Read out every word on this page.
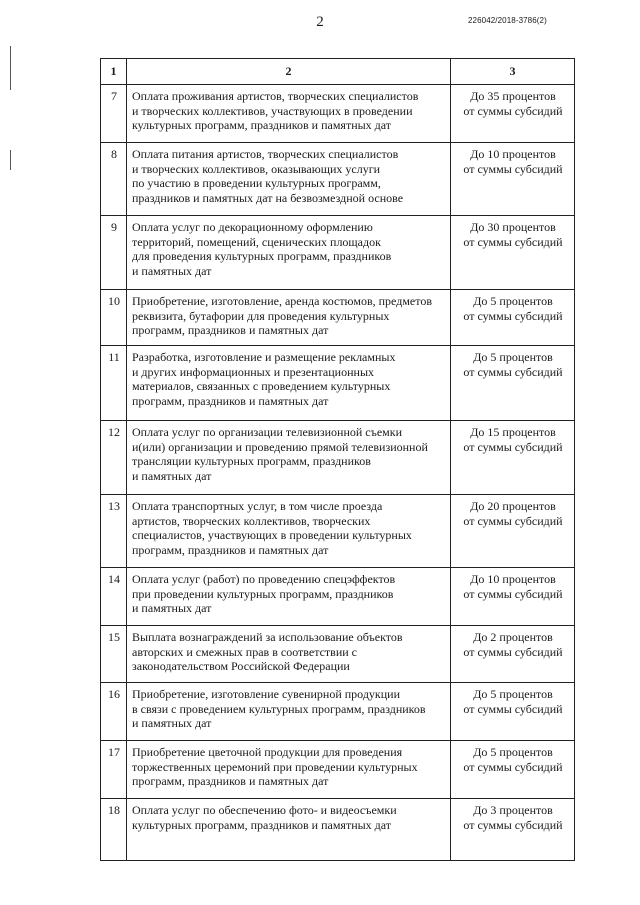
2	226042/2018-3786(2)
1	2	3
7	Оплата проживания артистов, творческих специалистов
и творческих коллективов, участвующих в проведении
культурных программ, праздников и памятных дат	До 35 процентов
от суммы субсидий
8	Оплата питания артистов, творческих специалистов
и творческих коллективов, оказывающих услуги
по участию в проведении культурных программ,
праздников и памятных дат на безвозмездной основе	До 10 процентов
от суммы субсидий
9	Оплата услуг по декорационному оформлению
территорий, помещений, сценических площадок
для проведения культурных программ, праздников
и памятных дат	До 30 процентов
от суммы субсидий
10	Приобретение, изготовление, аренда костюмов, предметов
реквизита, бутафории для проведения культурных
программ, праздников и памятных дат	До 5 процентов
от суммы субсидий
11	Разработка, изготовление и размещение рекламных
и других информационных и презентационных
материалов, связанных с проведением культурных
программ, праздников и памятных дат	До 5 процентов
от суммы субсидий
12	Оплата услуг по организации телевизионной съемки
и(или) организации и проведению прямой телевизионной
трансляции культурных программ, праздников
и памятных дат	До 15 процентов
от суммы субсидий
13	Оплата транспортных услуг, в том числе проезда
артистов, творческих коллективов, творческих
специалистов, участвующих в проведении культурных
программ, праздников и памятных дат	До 20 процентов
от суммы субсидий
14	Оплата услуг (работ) по проведению спецэффектов
при проведении культурных программ, праздников
и памятных дат	До 10 процентов
от суммы субсидий
15	Выплата вознаграждений за использование объектов
авторских и смежных прав в соответствии с
законодательством Российской Федерации	До 2 процентов
от суммы субсидий
16	Приобретение, изготовление сувенирной продукции
в связи с проведением культурных программ, праздников
и памятных дат	До 5 процентов
от суммы субсидий
17	Приобретение цветочной продукции для проведения
торжественных церемоний при проведении культурных
программ, праздников и памятных дат	До 5 процентов
от суммы субсидий
18	Оплата услуг по обеспечению фото- и видеосъемки
культурных программ, праздников и памятных дат	До 3 процентов
от суммы субсидий
